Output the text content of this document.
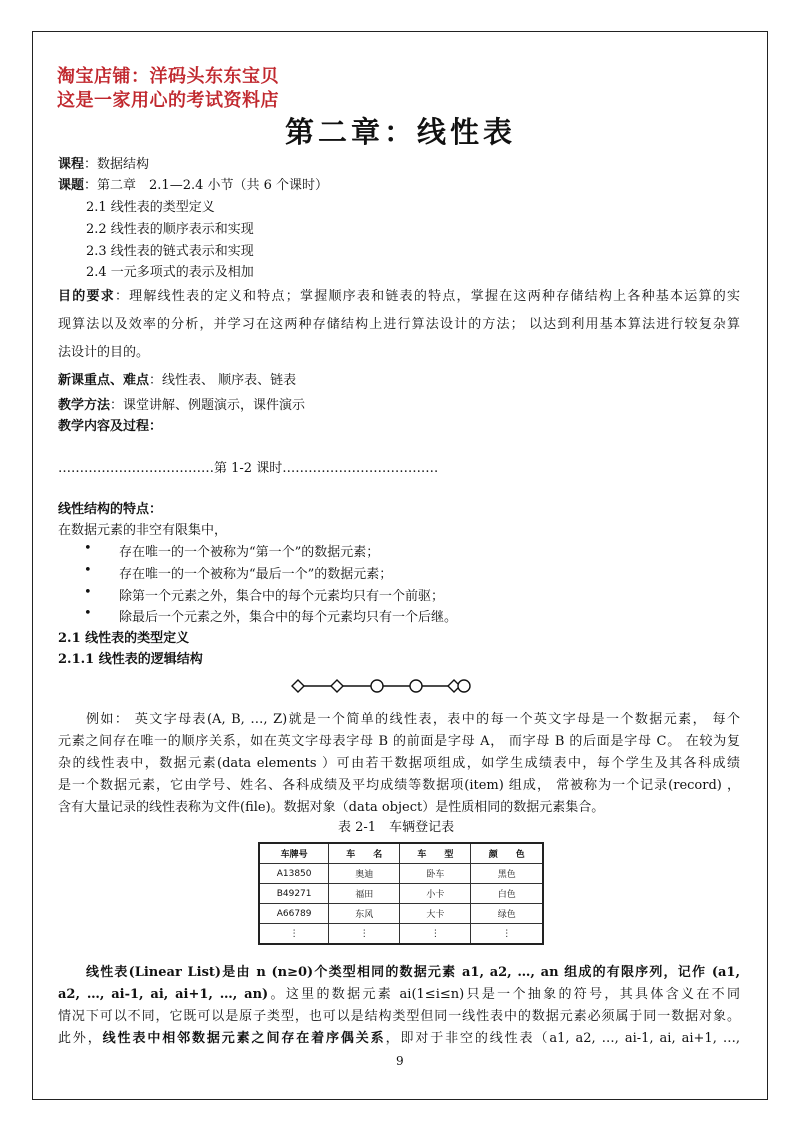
淘宝店铺：洋码头东东宝贝
这是一家用心的考试资料店
第二章：线性表
课程：数据结构
课题：第二章　2.1—2.4 小节（共 6 个课时）
2.1 线性表的类型定义
2.2 线性表的顺序表示和实现
2.3 线性表的链式表示和实现
2.4 一元多项式的表示及相加
目的要求：理解线性表的定义和特点；掌握顺序表和链表的特点，掌握在这两种存储结构上各种基本运算的实
现算法以及效率的分析，并学习在这两种存储结构上进行算法设计的方法； 以达到利用基本算法进行较复杂算
法设计的目的。
新课重点、难点：线性表、 顺序表、链表
教学方法：课堂讲解、例题演示，课件演示
教学内容及过程：
………………………………第 1-2 课时………………………………
线性结构的特点：
在数据元素的非空有限集中，
• 存在唯一的一个被称为“第一个”的数据元素；
• 存在唯一的一个被称为“最后一个”的数据元素；
• 除第一个元素之外，集合中的每个元素均只有一个前驱；
• 除最后一个元素之外，集合中的每个元素均只有一个后继。
2.1 线性表的类型定义
2.1.1 线性表的逻辑结构
例如： 英文字母表(A, B, …, Z)就是一个简单的线性表，表中的每一个英文字母是一个数据元素， 每个
元素之间存在唯一的顺序关系，如在英文字母表字母 B 的前面是字母 A， 而字母 B 的后面是字母 C。 在较为复
杂的线性表中，数据元素(data elements ）可由若干数据项组成，如学生成绩表中，每个学生及其各科成绩
是一个数据元素，它由学号、姓名、各科成绩及平均成绩等数据项(item) 组成， 常被称为一个记录(record) ，
含有大量记录的线性表称为文件(file)。数据对象（data object）是性质相同的数据元素集合。
表 2-1　车辆登记表
车牌号	车　　名	车　　型	颜　　色
A13850	奥迪	卧车	黑色
B49271	福田	小卡	白色
A66789	东风	大卡	绿色
⋮	⋮	⋮	⋮
线性表(Linear List)是由 n (n≥0)个类型相同的数据元素 a1, a2, …, an 组成的有限序列，记作 (a1,
a2, …, ai-1, ai, ai+1, …, an)。这里的数据元素 ai(1≤i≤n)只是一个抽象的符号，其具体含义在不同
情况下可以不同，它既可以是原子类型，也可以是结构类型但同一线性表中的数据元素必须属于同一数据对象。
此外，线性表中相邻数据元素之间存在着序偶关系，即对于非空的线性表（a1, a2, …, ai-1, ai, ai+1, …,
9
